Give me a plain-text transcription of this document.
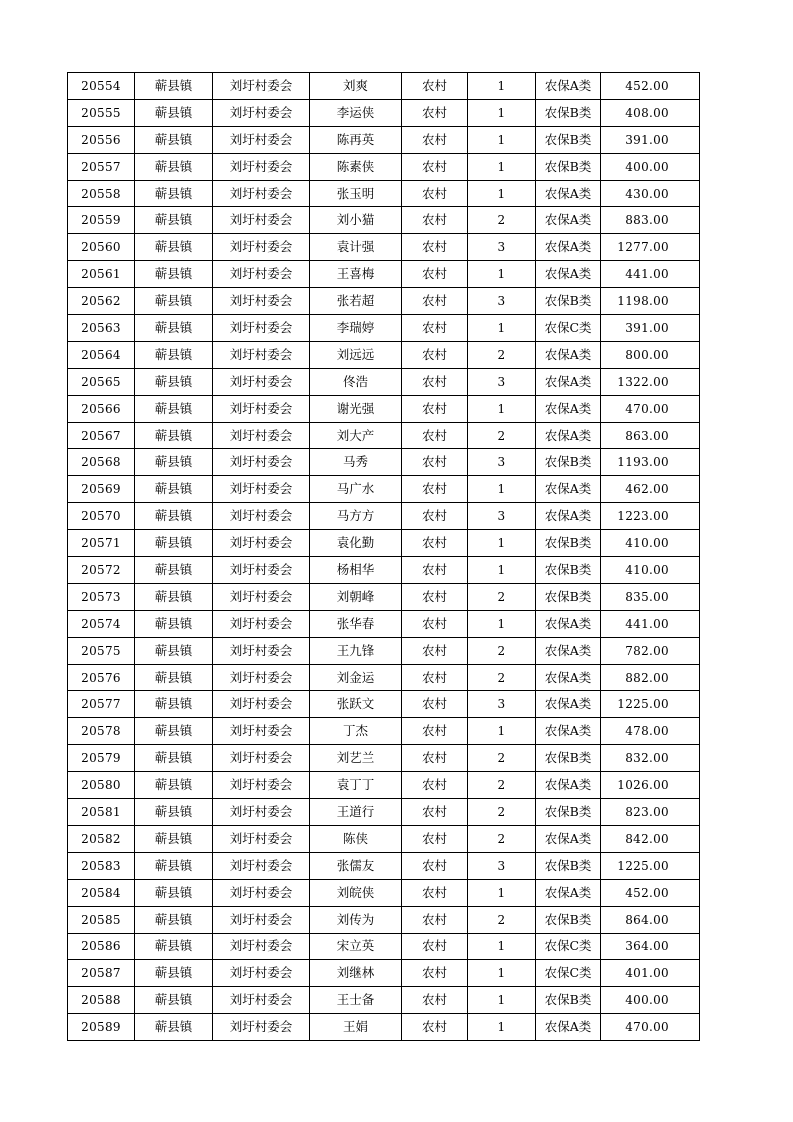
20554	蕲县镇	刘圩村委会	刘爽	农村	1	农保A类	452.00
20555	蕲县镇	刘圩村委会	李运侠	农村	1	农保B类	408.00
20556	蕲县镇	刘圩村委会	陈再英	农村	1	农保B类	391.00
20557	蕲县镇	刘圩村委会	陈素侠	农村	1	农保B类	400.00
20558	蕲县镇	刘圩村委会	张玉明	农村	1	农保A类	430.00
20559	蕲县镇	刘圩村委会	刘小猫	农村	2	农保A类	883.00
20560	蕲县镇	刘圩村委会	袁计强	农村	3	农保A类	1277.00
20561	蕲县镇	刘圩村委会	王喜梅	农村	1	农保A类	441.00
20562	蕲县镇	刘圩村委会	张若超	农村	3	农保B类	1198.00
20563	蕲县镇	刘圩村委会	李瑞婷	农村	1	农保C类	391.00
20564	蕲县镇	刘圩村委会	刘远远	农村	2	农保A类	800.00
20565	蕲县镇	刘圩村委会	佟浩	农村	3	农保A类	1322.00
20566	蕲县镇	刘圩村委会	谢光强	农村	1	农保A类	470.00
20567	蕲县镇	刘圩村委会	刘大产	农村	2	农保A类	863.00
20568	蕲县镇	刘圩村委会	马秀	农村	3	农保B类	1193.00
20569	蕲县镇	刘圩村委会	马广水	农村	1	农保A类	462.00
20570	蕲县镇	刘圩村委会	马方方	农村	3	农保A类	1223.00
20571	蕲县镇	刘圩村委会	袁化勤	农村	1	农保B类	410.00
20572	蕲县镇	刘圩村委会	杨相华	农村	1	农保B类	410.00
20573	蕲县镇	刘圩村委会	刘朝峰	农村	2	农保B类	835.00
20574	蕲县镇	刘圩村委会	张华春	农村	1	农保A类	441.00
20575	蕲县镇	刘圩村委会	王九锋	农村	2	农保A类	782.00
20576	蕲县镇	刘圩村委会	刘金运	农村	2	农保A类	882.00
20577	蕲县镇	刘圩村委会	张跃文	农村	3	农保A类	1225.00
20578	蕲县镇	刘圩村委会	丁杰	农村	1	农保A类	478.00
20579	蕲县镇	刘圩村委会	刘艺兰	农村	2	农保B类	832.00
20580	蕲县镇	刘圩村委会	袁丁丁	农村	2	农保A类	1026.00
20581	蕲县镇	刘圩村委会	王道行	农村	2	农保B类	823.00
20582	蕲县镇	刘圩村委会	陈侠	农村	2	农保A类	842.00
20583	蕲县镇	刘圩村委会	张儒友	农村	3	农保B类	1225.00
20584	蕲县镇	刘圩村委会	刘皖侠	农村	1	农保A类	452.00
20585	蕲县镇	刘圩村委会	刘传为	农村	2	农保B类	864.00
20586	蕲县镇	刘圩村委会	宋立英	农村	1	农保C类	364.00
20587	蕲县镇	刘圩村委会	刘继林	农村	1	农保C类	401.00
20588	蕲县镇	刘圩村委会	王士备	农村	1	农保B类	400.00
20589	蕲县镇	刘圩村委会	王娟	农村	1	农保A类	470.00
